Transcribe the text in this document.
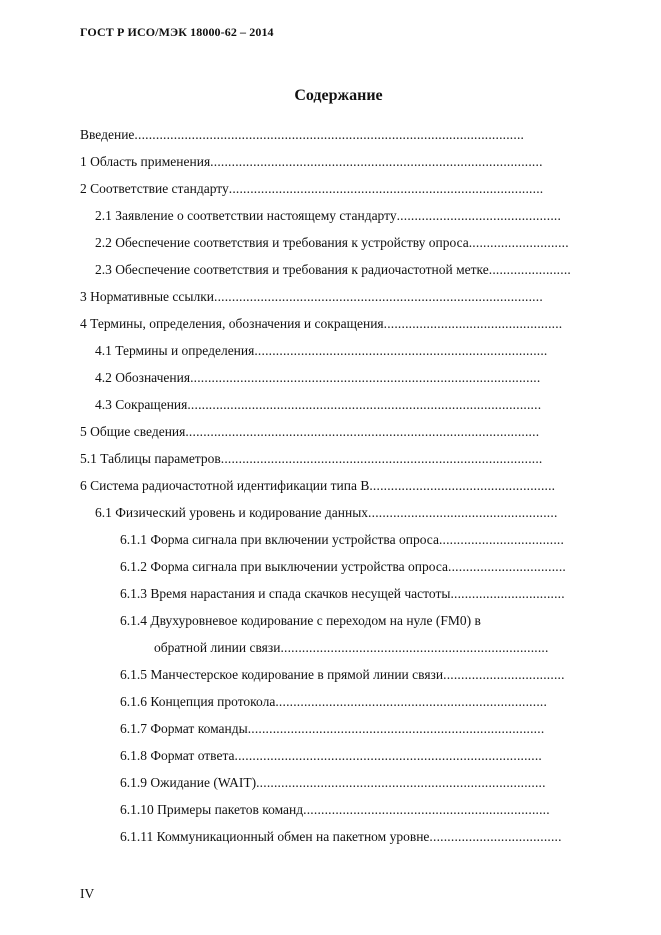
ГОСТ Р ИСО/МЭК 18000-62 – 2014
Содержание
Введение.............................................................................................................
1 Область применения.............................................................................................
2 Соответствие стандарту........................................................................................
2.1 Заявление о соответствии настоящему стандарту..............................................
2.2 Обеспечение соответствия и требования к устройству опроса............................
2.3 Обеспечение соответствия и требования к радиочастотной метке.......................
3 Нормативные ссылки............................................................................................
4 Термины, определения, обозначения и сокращения..................................................
4.1 Термины и определения..................................................................................
4.2 Обозначения..................................................................................................
4.3 Сокращения...................................................................................................
5 Общие сведения...................................................................................................
5.1 Таблицы параметров..........................................................................................
6 Система радиочастотной идентификации типа В....................................................
6.1 Физический уровень и кодирование данных.....................................................
6.1.1 Форма сигнала при включении устройства опроса...................................
6.1.2 Форма сигнала при выключении устройства опроса.................................
6.1.3 Время нарастания и спада скачков несущей частоты................................
6.1.4 Двухуровневое кодирование с переходом на нуле (FM0) в
обратной линии связи...........................................................................
6.1.5 Манчестерское кодирование в прямой линии связи..................................
6.1.6 Концепция протокола............................................................................
6.1.7 Формат команды...................................................................................
6.1.8 Формат ответа......................................................................................
6.1.9 Ожидание (WAIT).................................................................................
6.1.10 Примеры пакетов команд.....................................................................
6.1.11 Коммуникационный обмен на пакетном уровне.....................................
IV
